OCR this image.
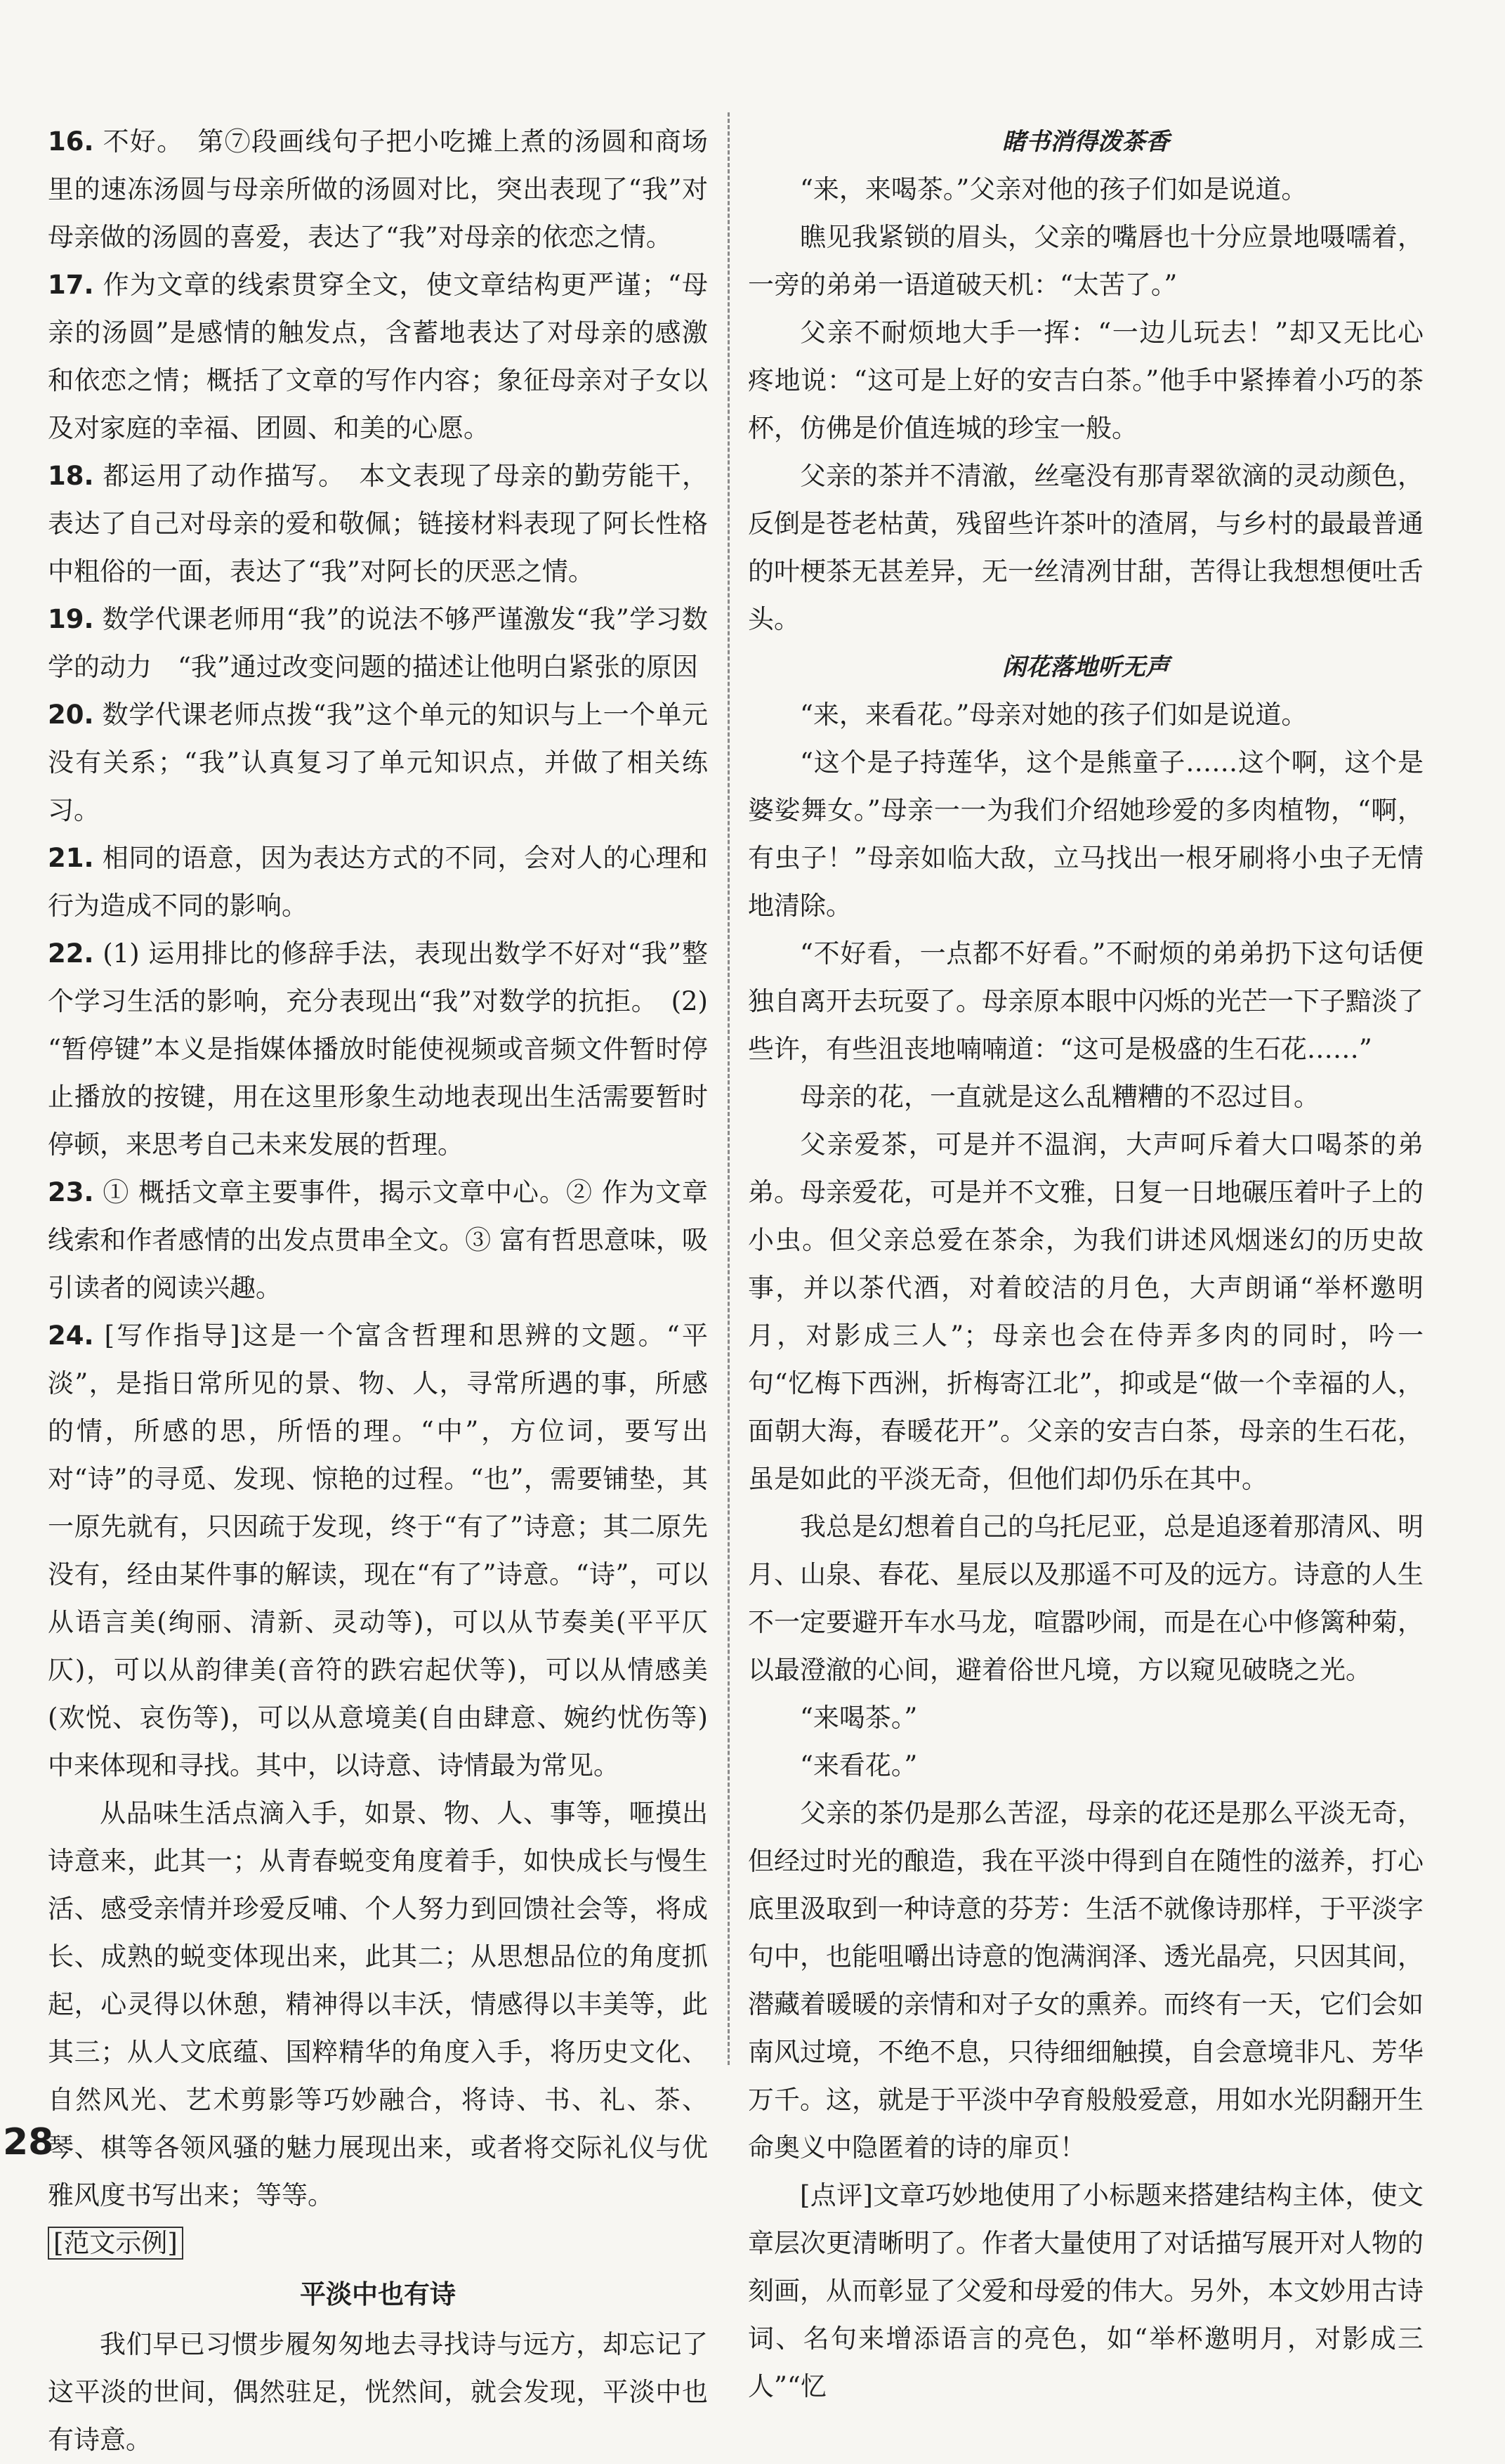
16. 不好。　第⑦段画线句子把小吃摊上煮的汤圆和商场里的速冻汤圆与母亲所做的汤圆对比，突出表现了“我”对母亲做的汤圆的喜爱，表达了“我”对母亲的依恋之情。

17. 作为文章的线索贯穿全文，使文章结构更严谨；“母亲的汤圆”是感情的触发点，含蓄地表达了对母亲的感激和依恋之情；概括了文章的写作内容；象征母亲对子女以及对家庭的幸福、团圆、和美的心愿。

18. 都运用了动作描写。　本文表现了母亲的勤劳能干，表达了自己对母亲的爱和敬佩；链接材料表现了阿长性格中粗俗的一面，表达了“我”对阿长的厌恶之情。

19. 数学代课老师用“我”的说法不够严谨激发“我”学习数学的动力　“我”通过改变问题的描述让他明白紧张的原因

20. 数学代课老师点拨“我”这个单元的知识与上一个单元没有关系；“我”认真复习了单元知识点，并做了相关练习。

21. 相同的语意，因为表达方式的不同，会对人的心理和行为造成不同的影响。

22. (1) 运用排比的修辞手法，表现出数学不好对“我”整个学习生活的影响，充分表现出“我”对数学的抗拒。　(2) “暂停键”本义是指媒体播放时能使视频或音频文件暂时停止播放的按键，用在这里形象生动地表现出生活需要暂时停顿，来思考自己未来发展的哲理。

23. ① 概括文章主要事件，揭示文章中心。② 作为文章线索和作者感情的出发点贯串全文。③ 富有哲思意味，吸引读者的阅读兴趣。

24. [写作指导]这是一个富含哲理和思辨的文题。“平淡”，是指日常所见的景、物、人，寻常所遇的事，所感的情，所感的思，所悟的理。“中”，方位词，要写出对“诗”的寻觅、发现、惊艳的过程。“也”，需要铺垫，其一原先就有，只因疏于发现，终于“有了”诗意；其二原先没有，经由某件事的解读，现在“有了”诗意。“诗”，可以从语言美(绚丽、清新、灵动等)，可以从节奏美(平平仄仄)，可以从韵律美(音符的跌宕起伏等)，可以从情感美(欢悦、哀伤等)，可以从意境美(自由肆意、婉约忧伤等)中来体现和寻找。其中，以诗意、诗情最为常见。

从品味生活点滴入手，如景、物、人、事等，咂摸出诗意来，此其一；从青春蜕变角度着手，如快成长与慢生活、感受亲情并珍爱反哺、个人努力到回馈社会等，将成长、成熟的蜕变体现出来，此其二；从思想品位的角度抓起，心灵得以休憩，精神得以丰沃，情感得以丰美等，此其三；从人文底蕴、国粹精华的角度入手，将历史文化、自然风光、艺术剪影等巧妙融合，将诗、书、礼、茶、琴、棋等各领风骚的魅力展现出来，或者将交际礼仪与优雅风度书写出来；等等。

[范文示例]

平淡中也有诗

我们早已习惯步履匆匆地去寻找诗与远方，却忘记了这平淡的世间，偶然驻足，恍然间，就会发现，平淡中也有诗意。

睹书消得泼茶香

“来，来喝茶。”父亲对他的孩子们如是说道。

瞧见我紧锁的眉头，父亲的嘴唇也十分应景地嗫嚅着，一旁的弟弟一语道破天机：“太苦了。”

父亲不耐烦地大手一挥：“一边儿玩去！”却又无比心疼地说：“这可是上好的安吉白茶。”他手中紧捧着小巧的茶杯，仿佛是价值连城的珍宝一般。

父亲的茶并不清澈，丝毫没有那青翠欲滴的灵动颜色，反倒是苍老枯黄，残留些许茶叶的渣屑，与乡村的最最普通的叶梗茶无甚差异，无一丝清冽甘甜，苦得让我想想便吐舌头。

闲花落地听无声

“来，来看花。”母亲对她的孩子们如是说道。

“这个是子持莲华，这个是熊童子……这个啊，这个是婆娑舞女。”母亲一一为我们介绍她珍爱的多肉植物，“啊，有虫子！”母亲如临大敌，立马找出一根牙刷将小虫子无情地清除。

“不好看，一点都不好看。”不耐烦的弟弟扔下这句话便独自离开去玩耍了。母亲原本眼中闪烁的光芒一下子黯淡了些许，有些沮丧地喃喃道：“这可是极盛的生石花……”

母亲的花，一直就是这么乱糟糟的不忍过目。

父亲爱茶，可是并不温润，大声呵斥着大口喝茶的弟弟。母亲爱花，可是并不文雅，日复一日地碾压着叶子上的小虫。但父亲总爱在茶余，为我们讲述风烟迷幻的历史故事，并以茶代酒，对着皎洁的月色，大声朗诵“举杯邀明月，对影成三人”；母亲也会在侍弄多肉的同时，吟一句“忆梅下西洲，折梅寄江北”，抑或是“做一个幸福的人，面朝大海，春暖花开”。父亲的安吉白茶，母亲的生石花，虽是如此的平淡无奇，但他们却仍乐在其中。

我总是幻想着自己的乌托尼亚，总是追逐着那清风、明月、山泉、春花、星辰以及那遥不可及的远方。诗意的人生不一定要避开车水马龙，喧嚣吵闹，而是在心中修篱种菊，以最澄澈的心间，避着俗世凡境，方以窥见破晓之光。

“来喝茶。”

“来看花。”

父亲的茶仍是那么苦涩，母亲的花还是那么平淡无奇，但经过时光的酿造，我在平淡中得到自在随性的滋养，打心底里汲取到一种诗意的芬芳：生活不就像诗那样，于平淡字句中，也能咀嚼出诗意的饱满润泽、透光晶亮，只因其间，潜藏着暖暖的亲情和对子女的熏养。而终有一天，它们会如南风过境，不绝不息，只待细细触摸，自会意境非凡、芳华万千。这，就是于平淡中孕育般般爱意，用如水光阴翻开生命奥义中隐匿着的诗的扉页！

[点评]文章巧妙地使用了小标题来搭建结构主体，使文章层次更清晰明了。作者大量使用了对话描写展开对人物的刻画，从而彰显了父爱和母爱的伟大。另外，本文妙用古诗词、名句来增添语言的亮色，如“举杯邀明月，对影成三人”“忆

28
